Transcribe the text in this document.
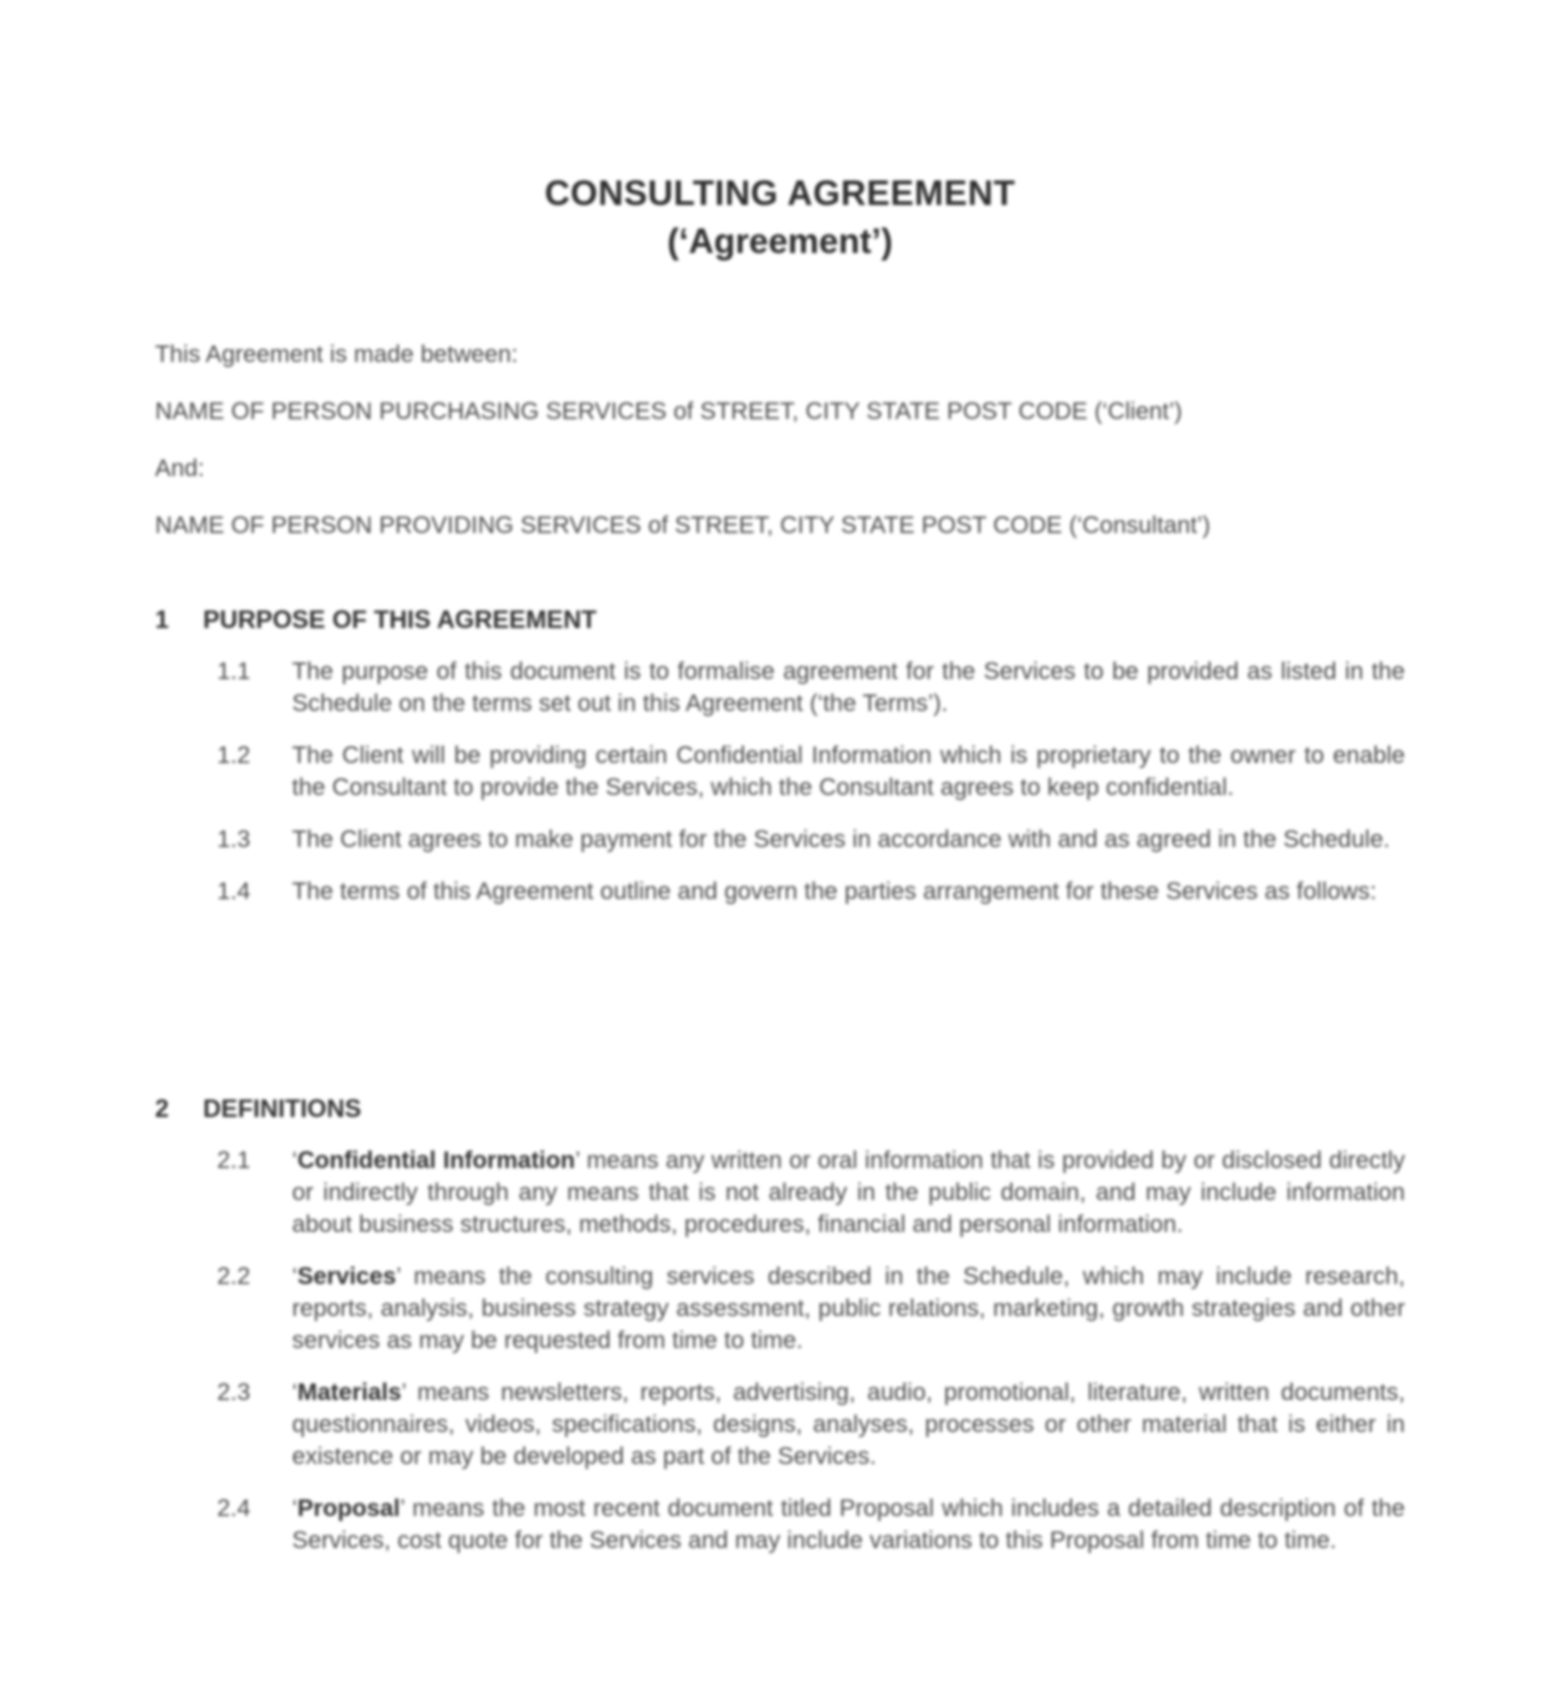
CONSULTING AGREEMENT
(‘Agreement’)

This Agreement is made between:

NAME OF PERSON PURCHASING SERVICES of STREET, CITY STATE POST CODE (‘Client’)

And:

NAME OF PERSON PROVIDING SERVICES of STREET, CITY STATE POST CODE (‘Consultant’)

1	PURPOSE OF THIS AGREEMENT
1.1	The purpose of this document is to formalise agreement for the Services to be provided as listed in the Schedule on the terms set out in this Agreement (‘the Terms’).
1.2	The Client will be providing certain Confidential Information which is proprietary to the owner to enable the Consultant to provide the Services, which the Consultant agrees to keep confidential.
1.3	The Client agrees to make payment for the Services in accordance with and as agreed in the Schedule.
1.4	The terms of this Agreement outline and govern the parties arrangement for these Services as follows:
2	DEFINITIONS
2.1	‘Confidential Information’ means any written or oral information that is provided by or disclosed directly or indirectly through any means that is not already in the public domain, and may include information about business structures, methods, procedures, financial and personal information.
2.2	‘Services’ means the consulting services described in the Schedule, which may include research, reports, analysis, business strategy assessment, public relations, marketing, growth strategies and other services as may be requested from time to time.
2.3	‘Materials’ means newsletters, reports, advertising, audio, promotional, literature, written documents, questionnaires, videos, specifications, designs, analyses, processes or other material that is either in existence or may be developed as part of the Services.
2.4	‘Proposal’ means the most recent document titled Proposal which includes a detailed description of the Services, cost quote for the Services and may include variations to this Proposal from time to time.
